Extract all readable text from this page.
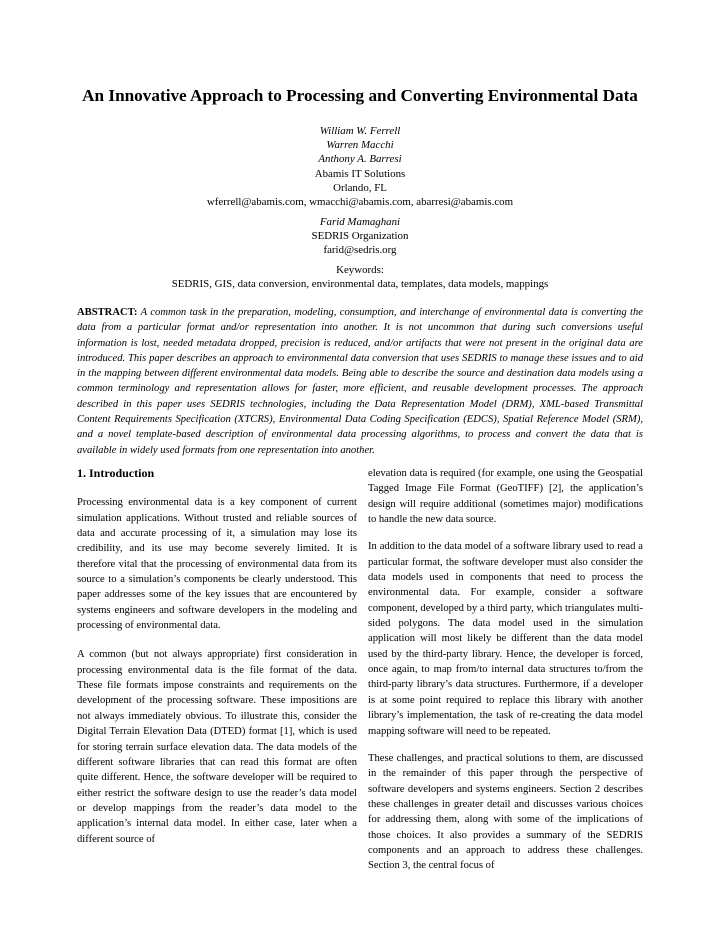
An Innovative Approach to Processing and Converting Environmental Data
William W. Ferrell
Warren Macchi
Anthony A. Barresi
Abamis IT Solutions
Orlando, FL
wferrell@abamis.com, wmacchi@abamis.com, abarresi@abamis.com
Farid Mamaghani
SEDRIS Organization
farid@sedris.org
Keywords:
SEDRIS, GIS, data conversion, environmental data, templates, data models, mappings
ABSTRACT: A common task in the preparation, modeling, consumption, and interchange of environmental data is converting the data from a particular format and/or representation into another. It is not uncommon that during such conversions useful information is lost, needed metadata dropped, precision is reduced, and/or artifacts that were not present in the original data are introduced. This paper describes an approach to environmental data conversion that uses SEDRIS to manage these issues and to aid in the mapping between different environmental data models. Being able to describe the source and destination data models using a common terminology and representation allows for faster, more efficient, and reusable development processes. The approach described in this paper uses SEDRIS technologies, including the Data Representation Model (DRM), XML-based Transmittal Content Requirements Specification (XTCRS), Environmental Data Coding Specification (EDCS), Spatial Reference Model (SRM), and a novel template-based description of environmental data processing algorithms, to process and convert the data that is available in widely used formats from one representation into another.

1. Introduction

Processing environmental data is a key component of current simulation applications. Without trusted and reliable sources of data and accurate processing of it, a simulation may lose its credibility, and its use may become severely limited. It is therefore vital that the processing of environmental data from its source to a simulation’s components be clearly understood. This paper addresses some of the key issues that are encountered by systems engineers and software developers in the modeling and processing of environmental data.

A common (but not always appropriate) first consideration in processing environmental data is the file format of the data. These file formats impose constraints and requirements on the development of the processing software. These impositions are not always immediately obvious. To illustrate this, consider the Digital Terrain Elevation Data (DTED) format [1], which is used for storing terrain surface elevation data. The data models of the different software libraries that can read this format are often quite different. Hence, the software developer will be required to either restrict the software design to use the reader’s data model or develop mappings from the reader’s data model to the application’s internal data model. In either case, later when a different source of

elevation data is required (for example, one using the Geospatial Tagged Image File Format (GeoTIFF) [2], the application’s design will require additional (sometimes major) modifications to handle the new data source.

In addition to the data model of a software library used to read a particular format, the software developer must also consider the data models used in components that need to process the environmental data. For example, consider a software component, developed by a third party, which triangulates multi-sided polygons. The data model used in the simulation application will most likely be different than the data model used by the third-party library. Hence, the developer is forced, once again, to map from/to internal data structures to/from the third-party library’s data structures. Furthermore, if a developer is at some point required to replace this library with another library’s implementation, the task of re-creating the data model mapping software will need to be repeated.

These challenges, and practical solutions to them, are discussed in the remainder of this paper through the perspective of software developers and systems engineers. Section 2 describes these challenges in greater detail and discusses various choices for addressing them, along with some of the implications of those choices. It also provides a summary of the SEDRIS components and an approach to address these challenges. Section 3, the central focus of
